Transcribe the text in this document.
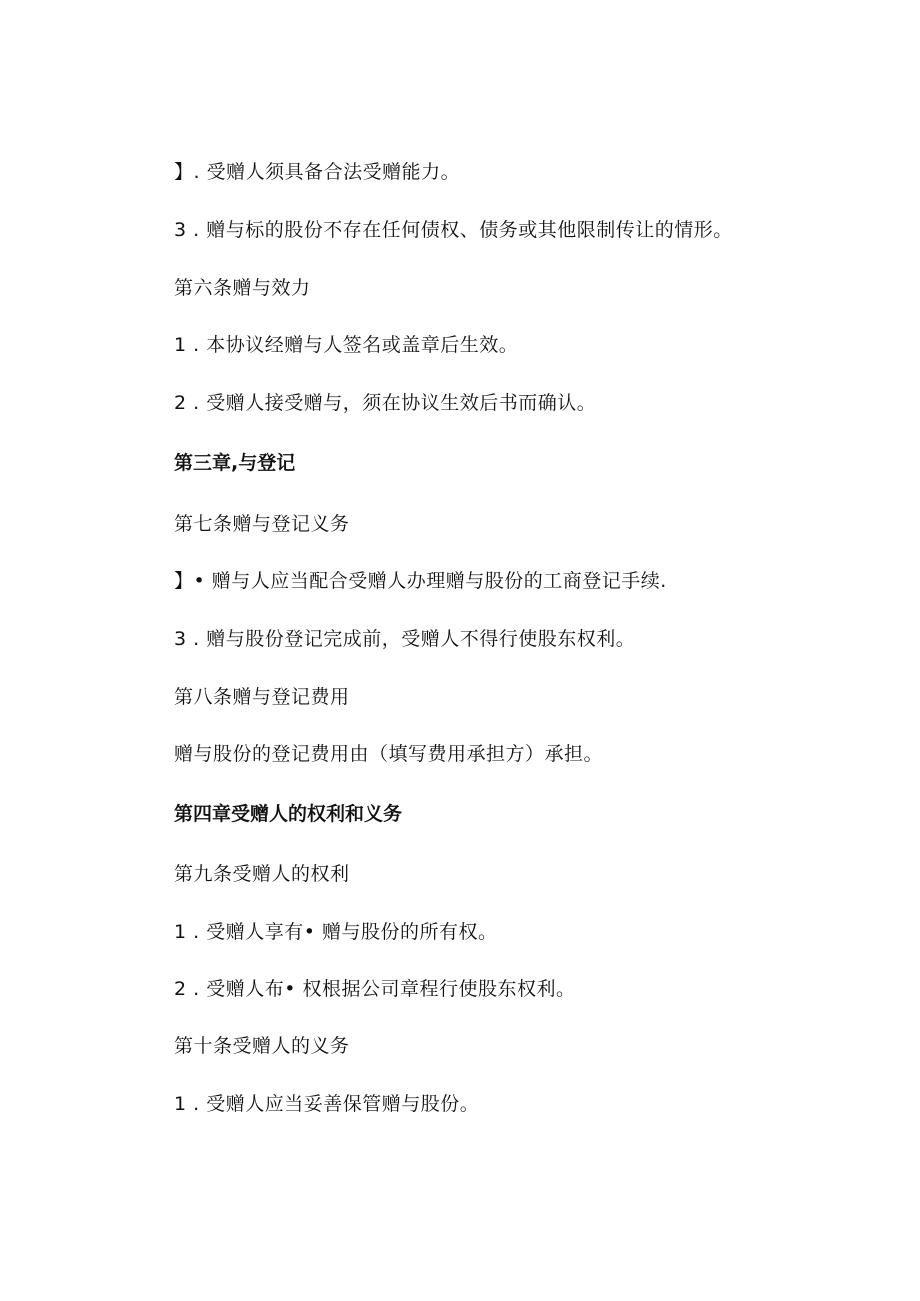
】. 受赠人须具备合法受赠能力。
3 . 赠与标的股份不存在任何债权、债务或其他限制传让的情形。
第六条赠与效力
1 . 本协议经赠与人签名或盖章后生效。
2 . 受赠人接受赠与，须在协议生效后书而确认。
第三章,与登记
第七条赠与登记义务
】• 赠与人应当配合受赠人办理赠与股份的工商登记手续.
3 . 赠与股份登记完成前，受赠人不得行使股东权利。
第八条赠与登记费用
赠与股份的登记费用由（填写费用承担方）承担。
第四章受赠人的权利和义务
第九条受赠人的权利
1 . 受赠人享有• 赠与股份的所有权。
2 . 受赠人布• 权根据公司章程行使股东权利。
第十条受赠人的义务
1 . 受赠人应当妥善保管赠与股份。
